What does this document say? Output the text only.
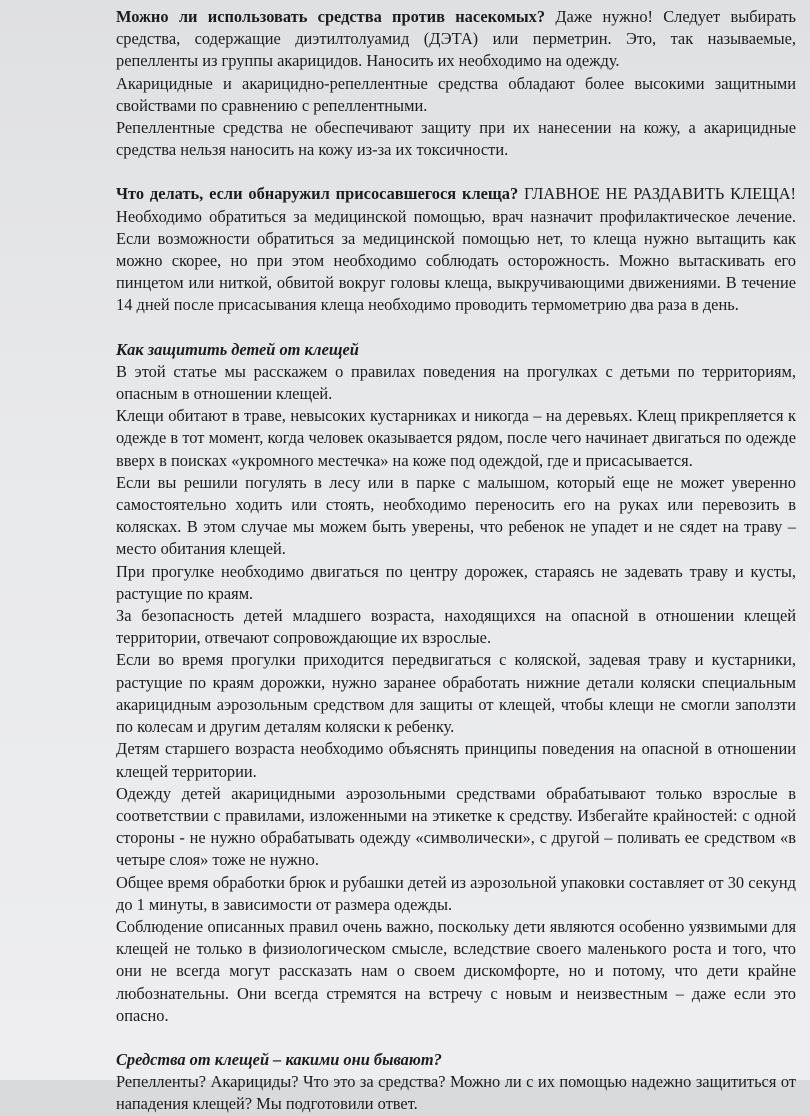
Можно ли использовать средства против насекомых? Даже нужно! Следует выбирать средства, содержащие диэтилтолуамид (ДЭТА) или перметрин. Это, так называемые, репелленты из группы акарицидов. Наносить их необходимо на одежду.

Акарицидные и акарицидно-репеллентные средства обладают более высокими защитными свойствами по сравнению с репеллентными.

Репеллентные средства не обеспечивают защиту при их нанесении на кожу, а акарицидные средства нельзя наносить на кожу из-за их токсичности.

Что делать, если обнаружил присосавшегося клеща? ГЛАВНОЕ НЕ РАЗДАВИТЬ КЛЕЩА! Необходимо обратиться за медицинской помощью, врач назначит профилактическое лечение. Если возможности обратиться за медицинской помощью нет, то клеща нужно вытащить как можно скорее, но при этом необходимо соблюдать осторожность. Можно вытаскивать его пинцетом или ниткой, обвитой вокруг головы клеща, выкручивающими движениями. В течение 14 дней после присасывания клеща необходимо проводить термометрию два раза в день.

Как защитить детей от клещей

В этой статье мы расскажем о правилах поведения на прогулках с детьми по территориям, опасным в отношении клещей.

Клещи обитают в траве, невысоких кустарниках и никогда – на деревьях. Клещ прикрепляется к одежде в тот момент, когда человек оказывается рядом, после чего начинает двигаться по одежде вверх в поисках «укромного местечка» на коже под одеждой, где и присасывается.

Если вы решили погулять в лесу или в парке с малышом, который еще не может уверенно самостоятельно ходить или стоять, необходимо переносить его на руках или перевозить в колясках. В этом случае мы можем быть уверены, что ребенок не упадет и не сядет на траву – место обитания клещей.

При прогулке необходимо двигаться по центру дорожек, стараясь не задевать траву и кусты, растущие по краям.

За безопасность детей младшего возраста, находящихся на опасной в отношении клещей территории, отвечают сопровождающие их взрослые.

Если во время прогулки приходится передвигаться с коляской, задевая траву и кустарники, растущие по краям дорожки, нужно заранее обработать нижние детали коляски специальным акарицидным аэрозольным средством для защиты от клещей, чтобы клещи не смогли заползти по колесам и другим деталям коляски к ребенку.

Детям старшего возраста необходимо объяснять принципы поведения на опасной в отношении клещей территории.

Одежду детей акарицидными аэрозольными средствами обрабатывают только взрослые в соответствии с правилами, изложенными на этикетке к средству. Избегайте крайностей: с одной стороны - не нужно обрабатывать одежду «символически», с другой – поливать ее средством «в четыре слоя» тоже не нужно.

Общее время обработки брюк и рубашки детей из аэрозольной упаковки составляет от 30 секунд до 1 минуты, в зависимости от размера одежды.

Соблюдение описанных правил очень важно, поскольку дети являются особенно уязвимыми для клещей не только в физиологическом смысле, вследствие своего маленького роста и того, что они не всегда могут рассказать нам о своем дискомфорте, но и потому, что дети крайне любознательны. Они всегда стремятся на встречу с новым и неизвестным – даже если это опасно.

Средства от клещей – какими они бывают?

Репелленты? Акарициды? Что это за средства? Можно ли с их помощью надежно защититься от нападения клещей? Мы подготовили ответ.
